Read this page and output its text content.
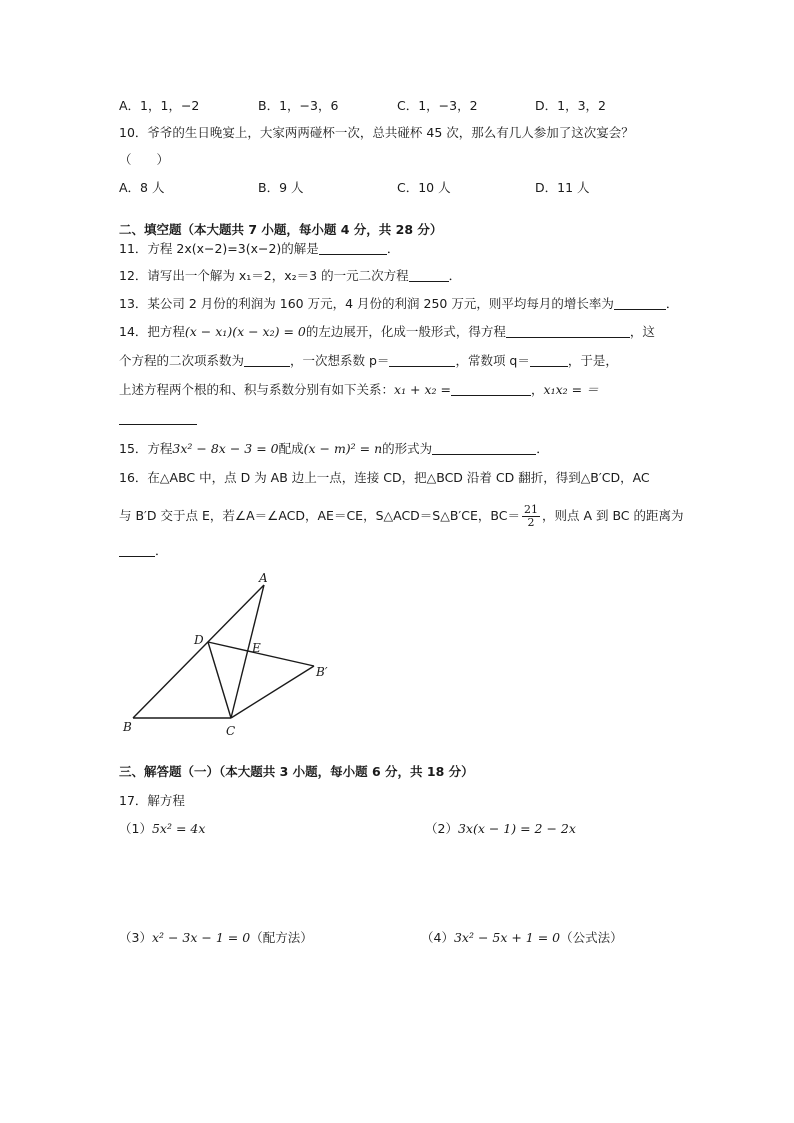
A．1，1，−2	B．1，−3，6	C．1，−3，2	D．1，3，2
10．爷爷的生日晚宴上，大家两两碰杯一次，总共碰杯 45 次，那么有几人参加了这次宴会？
（　　）
A．8 人	B．9 人	C．10 人	D．11 人
二、填空题（本大题共 7 小题，每小题 4 分，共 28 分）
11．方程 2x(x−2)=3(x−2)的解是	．
12．请写出一个解为 x₁＝2，x₂＝3 的一元二次方程	．
13．某公司 2 月份的利润为 160 万元，4 月份的利润 250 万元，则平均每月的增长率为	．
14．把方程(x − x₁)(x − x₂) = 0的左边展开，化成一般形式，得方程	，这
个方程的二次项系数为	，一次想系数 p＝	，常数项 q＝	，于是，
上述方程两个根的和、积与系数分别有如下关系：x₁ + x₂ =	，x₁x₂ = ＝
15．方程3x² − 8x − 3 = 0配成(x − m)² = n的形式为	．
16．在△ABC 中，点 D 为 AB 边上一点，连接 CD，把△BCD 沿着 CD 翻折，得到△B′CD，AC
与 B′D 交于点 E，若∠A＝∠ACD，AE＝CE，S△ACD＝S△B′CE，$BC= \frac{21}{2}$ ，则点 A 到 BC 的距离为
．
A
D
E
B′
B	C
三、解答题（一）（本大题共 3 小题，每小题 6 分，共 18 分）
17．解方程
（1）5x² = 4x	（2）3x(x − 1) = 2 − 2x
（3）x² − 3x − 1 = 0（配方法）	（4）3x² − 5x + 1 = 0（公式法）
